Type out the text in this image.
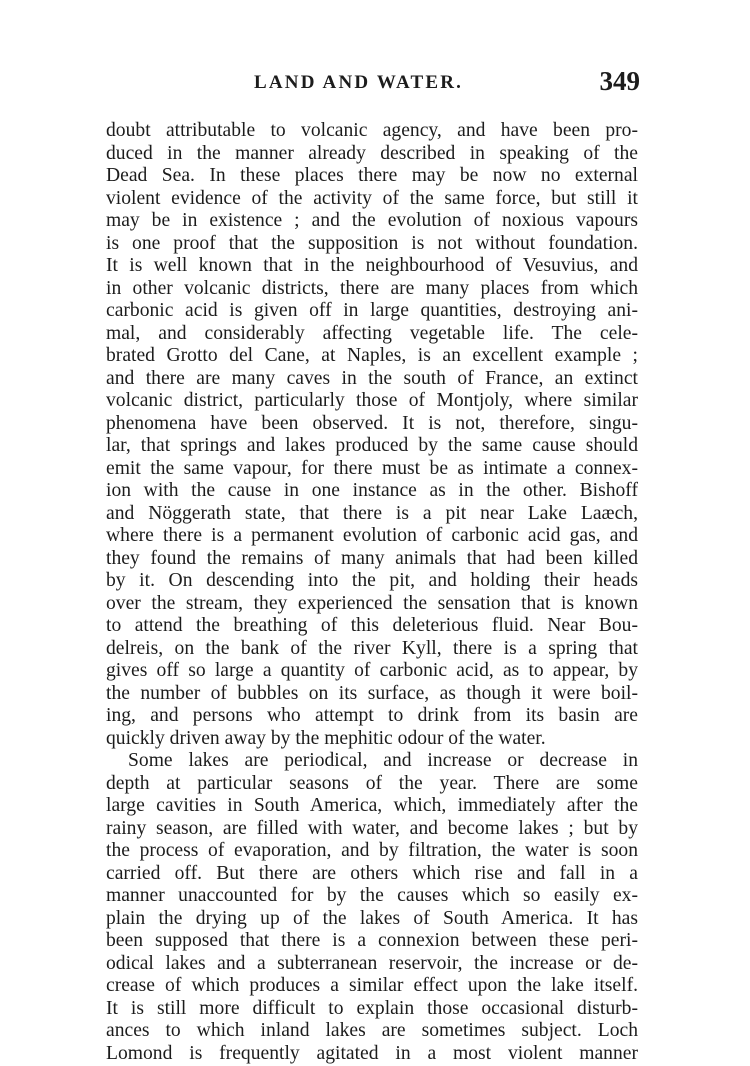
LAND AND WATER.	349
doubt attributable to volcanic agency, and have been pro-
duced in the manner already described in speaking of the
Dead Sea. In these places there may be now no external
violent evidence of the activity of the same force, but still it
may be in existence ; and the evolution of noxious vapours
is one proof that the supposition is not without foundation.
It is well known that in the neighbourhood of Vesuvius, and
in other volcanic districts, there are many places from which
carbonic acid is given off in large quantities, destroying ani-
mal, and considerably affecting vegetable life. The cele-
brated Grotto del Cane, at Naples, is an excellent example ;
and there are many caves in the south of France, an extinct
volcanic district, particularly those of Montjoly, where similar
phenomena have been observed. It is not, therefore, singu-
lar, that springs and lakes produced by the same cause should
emit the same vapour, for there must be as intimate a connex-
ion with the cause in one instance as in the other. Bishoff
and Nöggerath state, that there is a pit near Lake Laæch,
where there is a permanent evolution of carbonic acid gas, and
they found the remains of many animals that had been killed
by it. On descending into the pit, and holding their heads
over the stream, they experienced the sensation that is known
to attend the breathing of this deleterious fluid. Near Bou-
delreis, on the bank of the river Kyll, there is a spring that
gives off so large a quantity of carbonic acid, as to appear, by
the number of bubbles on its surface, as though it were boil-
ing, and persons who attempt to drink from its basin are
quickly driven away by the mephitic odour of the water.
Some lakes are periodical, and increase or decrease in
depth at particular seasons of the year. There are some
large cavities in South America, which, immediately after the
rainy season, are filled with water, and become lakes ; but by
the process of evaporation, and by filtration, the water is soon
carried off. But there are others which rise and fall in a
manner unaccounted for by the causes which so easily ex-
plain the drying up of the lakes of South America. It has
been supposed that there is a connexion between these peri-
odical lakes and a subterranean reservoir, the increase or de-
crease of which produces a similar effect upon the lake itself.
It is still more difficult to explain those occasional disturb-
ances to which inland lakes are sometimes subject. Loch
Lomond is frequently agitated in a most violent manner
